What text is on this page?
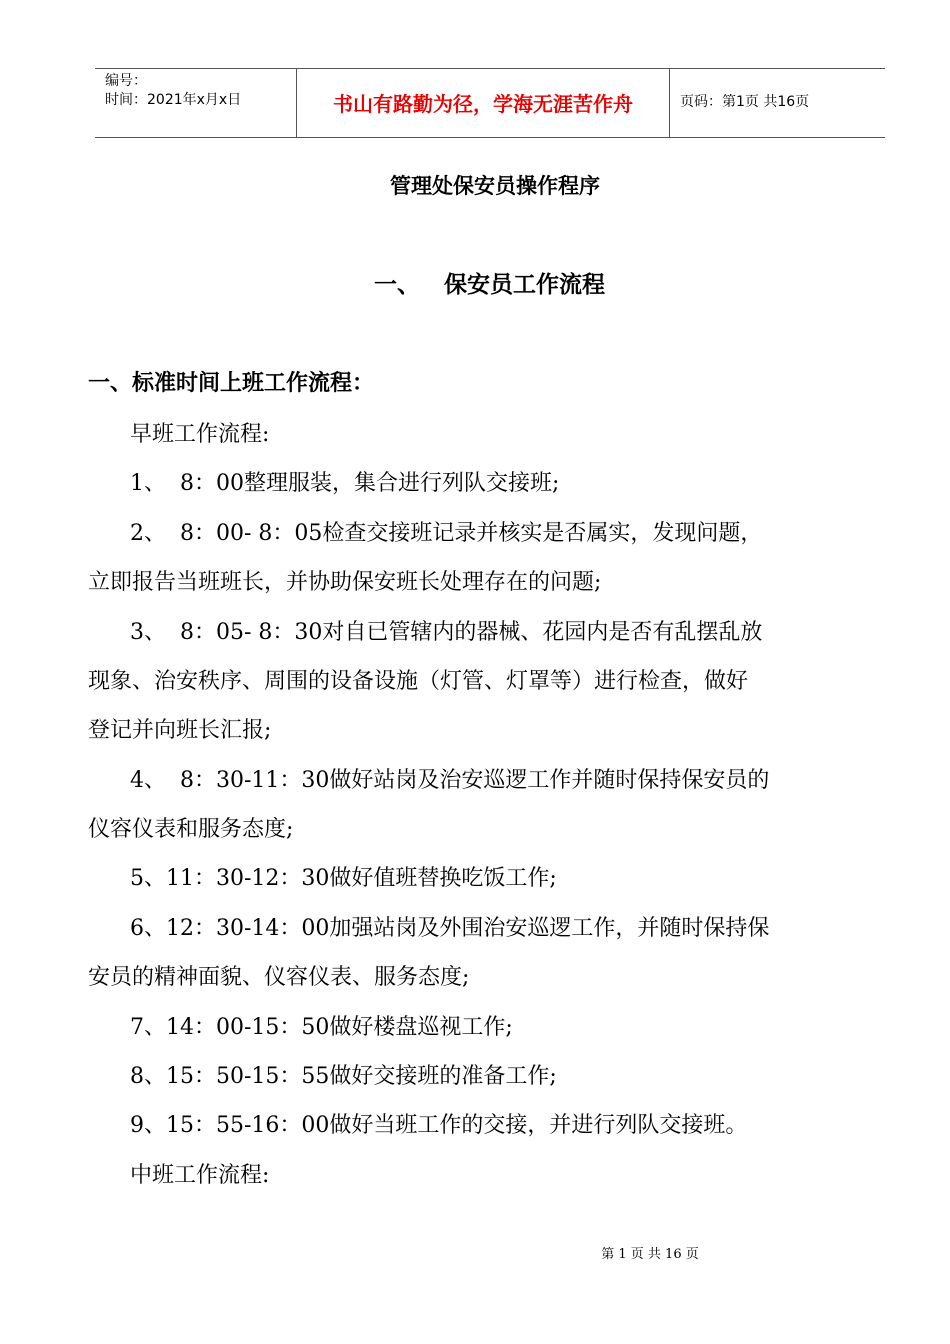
编号：
时间：2021年x月x日	书山有路勤为径，学海无涯苦作舟	页码：第1页 共16页
管理处保安员操作程序
一、   保安员工作流程
一、标准时间上班工作流程：
早班工作流程:
1、  8：00整理服装，集合进行列队交接班;
2、  8：00- 8：05检查交接班记录并核实是否属实，发现问题，
立即报告当班班长，并协助保安班长处理存在的问题;
3、  8：05- 8：30对自已管辖内的器械、花园内是否有乱摆乱放
现象、治安秩序、周围的设备设施（灯管、灯罩等）进行检查，做好
登记并向班长汇报;
4、  8：30-11：30做好站岗及治安巡逻工作并随时保持保安员的
仪容仪表和服务态度;
5、11：30-12：30做好值班替换吃饭工作;
6、12：30-14：00加强站岗及外围治安巡逻工作，并随时保持保
安员的精神面貌、仪容仪表、服务态度;
7、14：00-15：50做好楼盘巡视工作;
8、15：50-15：55做好交接班的准备工作;
9、15：55-16：00做好当班工作的交接，并进行列队交接班。
中班工作流程:
第 1 页 共 16 页
